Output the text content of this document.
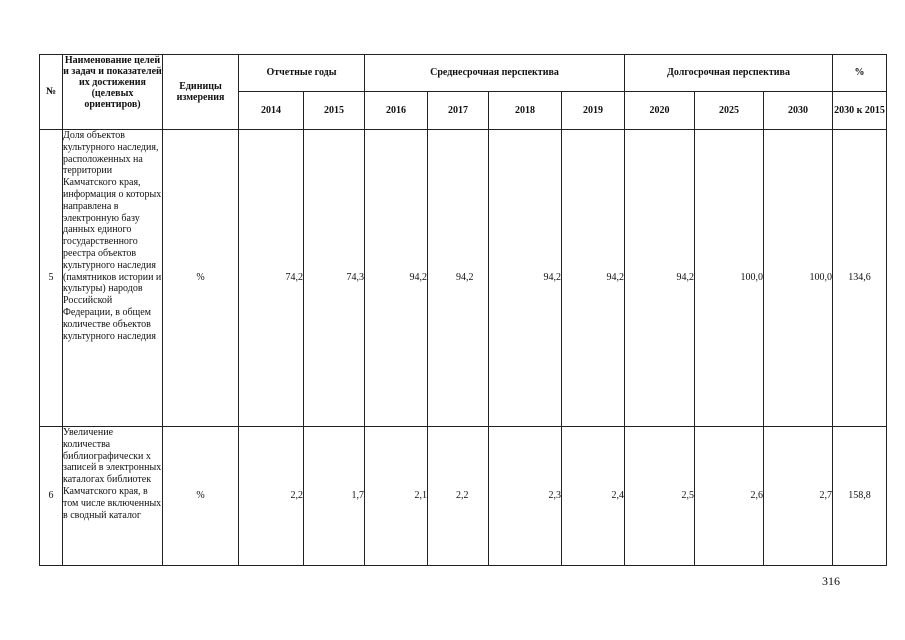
№	Наименование целей и задач и показателей их достижения (целевых ориентиров)	Единицы измерения	Отчетные годы		Среднесрочная перспектива				Долгосрочная перспектива			%
			2014	2015	2016	2017	2018	2019	2020	2025	2030	2030 к 2015
5	Доля объектов культурного наследия, расположенных на территории Камчатского края, информация о которых направлена в электронную базу данных единого государственного реестра объектов культурного наследия (памятников истории и культуры) народов Российской Федерации, в общем количестве объектов культурного наследия	%	74,2	74,3	94,2	94,2	94,2	94,2	94,2	100,0	100,0	134,6
6	Увеличение количества библиографически х записей в электронных каталогах библиотек Камчатского края, в том числе включенных в сводный каталог	%	2,2	1,7	2,1	2,2	2,3	2,4	2,5	2,6	2,7	158,8
316
